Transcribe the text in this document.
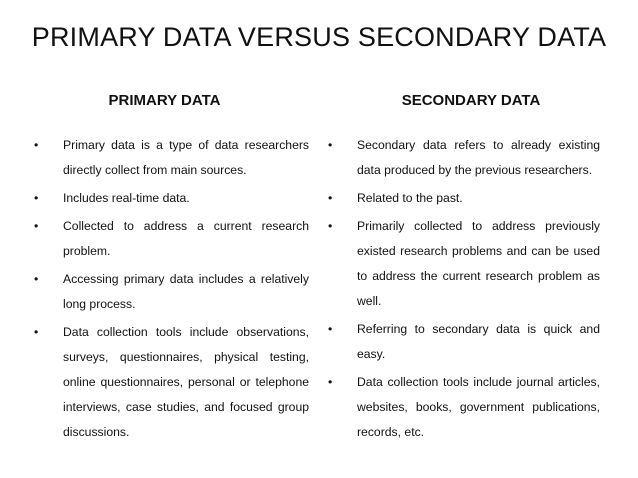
PRIMARY DATA VERSUS SECONDARY DATA
PRIMARY DATA
•	Primary data is a type of data researchers directly collect from main sources.
•	Includes real-time data.
•	Collected to address a current research problem.
•	Accessing primary data includes a relatively long process.
•	Data collection tools include observations, surveys, questionnaires, physical testing, online questionnaires, personal or telephone interviews, case studies, and focused group discussions.
SECONDARY DATA
•	Secondary data refers to already existing data produced by the previous researchers.
•	Related to the past.
•	Primarily collected to address previously existed research problems and can be used to address the current research problem as well.
•	Referring to secondary data is quick and easy.
•	Data collection tools include journal articles, websites, books, government publications, records, etc.
